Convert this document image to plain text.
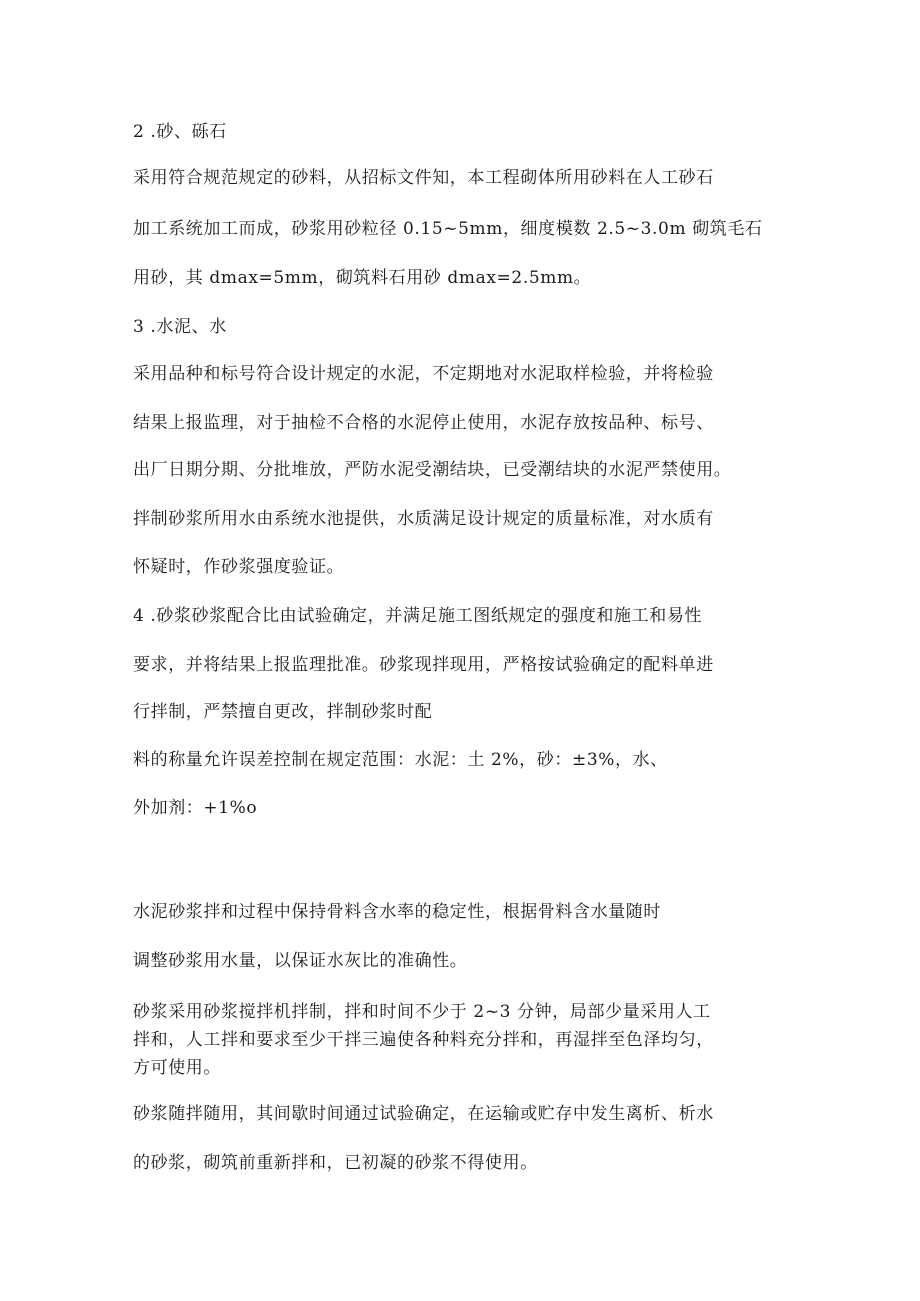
2 .砂、砾石
采用符合规范规定的砂料，从招标文件知，本工程砌体所用砂料在人工砂石
加工系统加工而成，砂浆用砂粒径 0.15~5mm，细度模数 2.5~3.0m 砌筑毛石
用砂，其 dmax=5mm，砌筑料石用砂 dmax=2.5mm。
3 .水泥、水
采用品种和标号符合设计规定的水泥，不定期地对水泥取样检验，并将检验
结果上报监理，对于抽检不合格的水泥停止使用，水泥存放按品种、标号、
出厂日期分期、分批堆放，严防水泥受潮结块，已受潮结块的水泥严禁使用。
拌制砂浆所用水由系统水池提供，水质满足设计规定的质量标准，对水质有
怀疑时，作砂浆强度验证。
4 .砂浆砂浆配合比由试验确定，并满足施工图纸规定的强度和施工和易性
要求，并将结果上报监理批准。砂浆现拌现用，严格按试验确定的配料单进
行拌制，严禁擅自更改，拌制砂浆时配
料的称量允许误差控制在规定范围：水泥：土 2%，砂：±3%，水、
外加剂：+1%o
水泥砂浆拌和过程中保持骨料含水率的稳定性，根据骨料含水量随时
调整砂浆用水量，以保证水灰比的准确性。
砂浆采用砂浆搅拌机拌制，拌和时间不少于 2~3 分钟，局部少量采用人工
拌和，人工拌和要求至少干拌三遍使各种料充分拌和，再湿拌至色泽均匀，
方可使用。
砂浆随拌随用，其间歇时间通过试验确定，在运输或贮存中发生离析、析水
的砂浆，砌筑前重新拌和，已初凝的砂浆不得使用。
